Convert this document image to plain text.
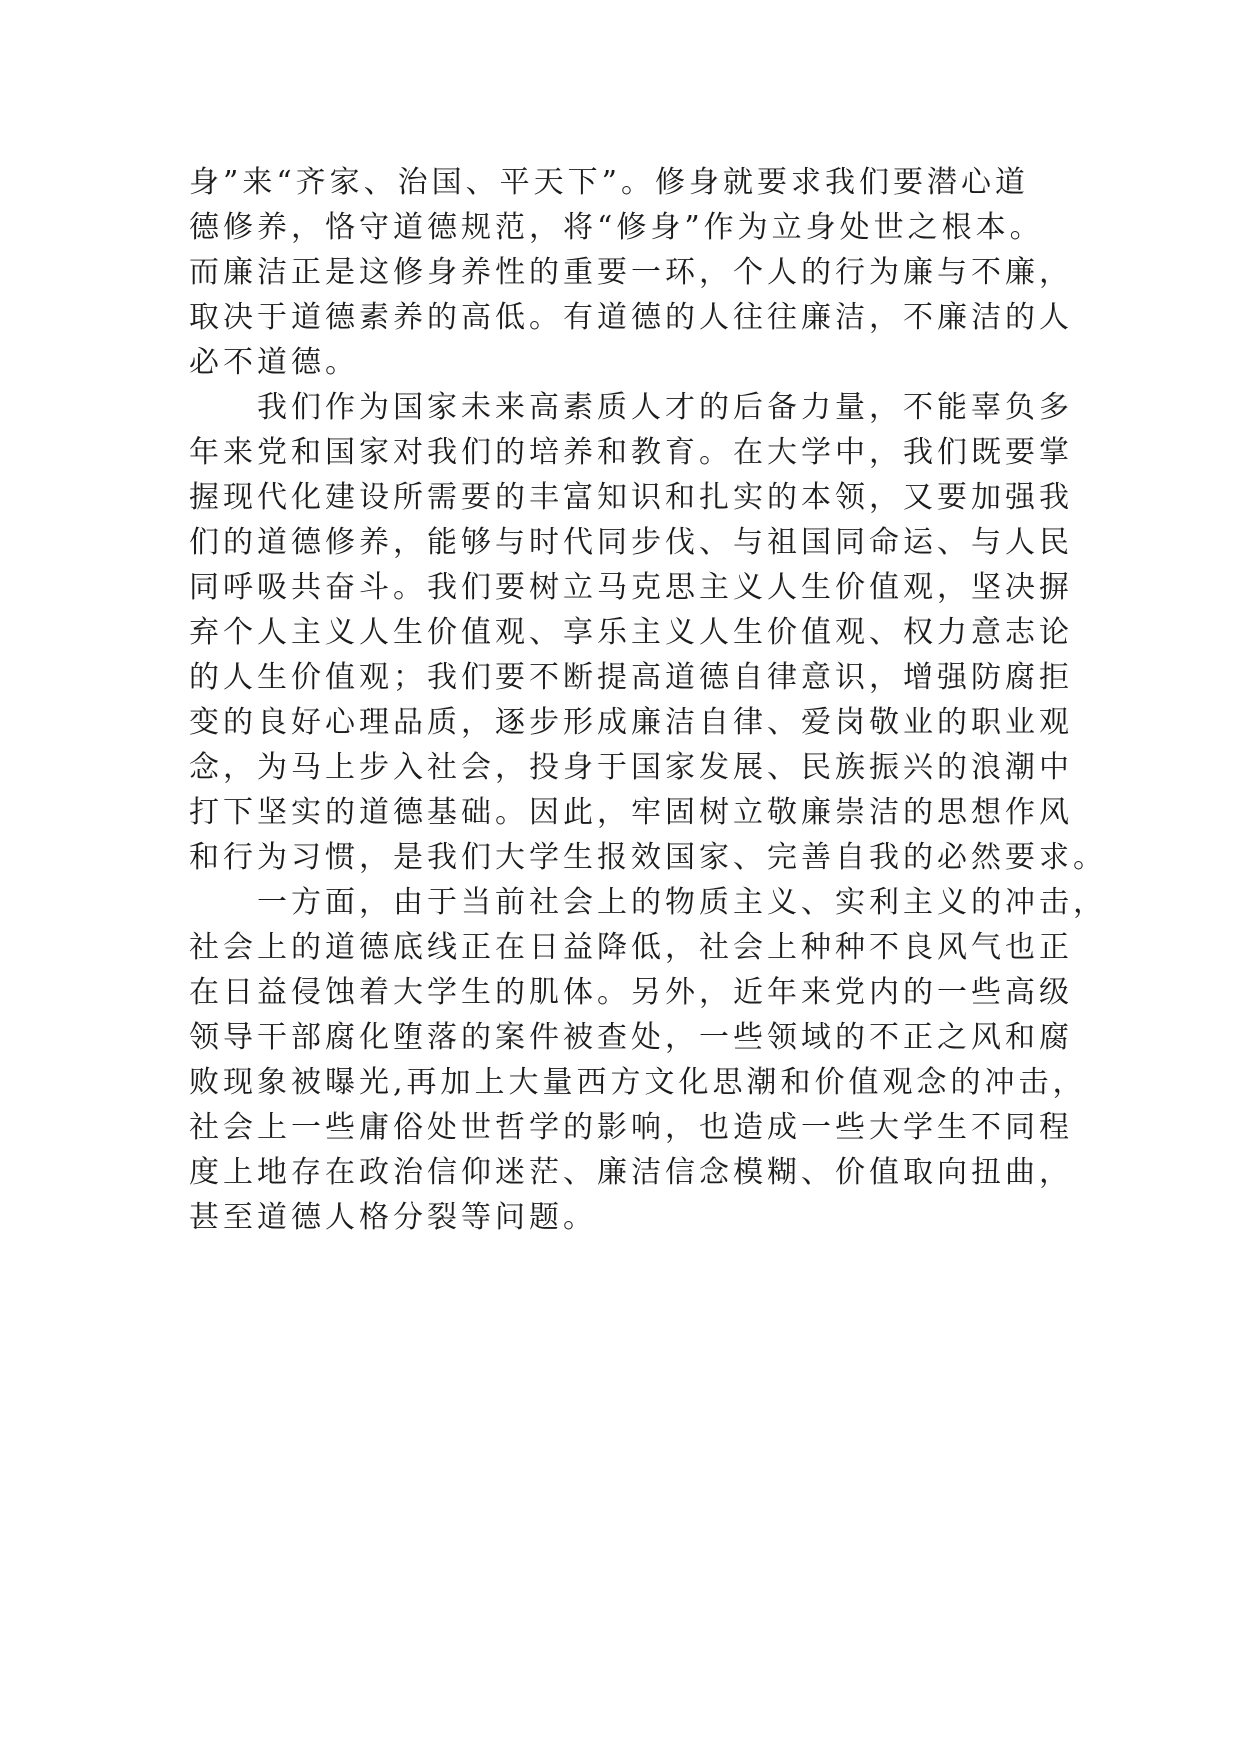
身”来“齐家、治国、平天下”。修身就要求我们要潜心道
德修养，恪守道德规范，将“修身”作为立身处世之根本。
而廉洁正是这修身养性的重要一环，个人的行为廉与不廉，
取决于道德素养的高低。有道德的人往往廉洁，不廉洁的人
必不道德。
　　我们作为国家未来高素质人才的后备力量，不能辜负多
年来党和国家对我们的培养和教育。在大学中，我们既要掌
握现代化建设所需要的丰富知识和扎实的本领，又要加强我
们的道德修养，能够与时代同步伐、与祖国同命运、与人民
同呼吸共奋斗。我们要树立马克思主义人生价值观，坚决摒
弃个人主义人生价值观、享乐主义人生价值观、权力意志论
的人生价值观；我们要不断提高道德自律意识，增强防腐拒
变的良好心理品质，逐步形成廉洁自律、爱岗敬业的职业观
念，为马上步入社会，投身于国家发展、民族振兴的浪潮中
打下坚实的道德基础。因此，牢固树立敬廉崇洁的思想作风
和行为习惯，是我们大学生报效国家、完善自我的必然要求。
　　一方面，由于当前社会上的物质主义、实利主义的冲击，
社会上的道德底线正在日益降低，社会上种种不良风气也正
在日益侵蚀着大学生的肌体。另外，近年来党内的一些高级
领导干部腐化堕落的案件被查处，一些领域的不正之风和腐
败现象被曝光,再加上大量西方文化思潮和价值观念的冲击，
社会上一些庸俗处世哲学的影响，也造成一些大学生不同程
度上地存在政治信仰迷茫、廉洁信念模糊、价值取向扭曲，
甚至道德人格分裂等问题。
